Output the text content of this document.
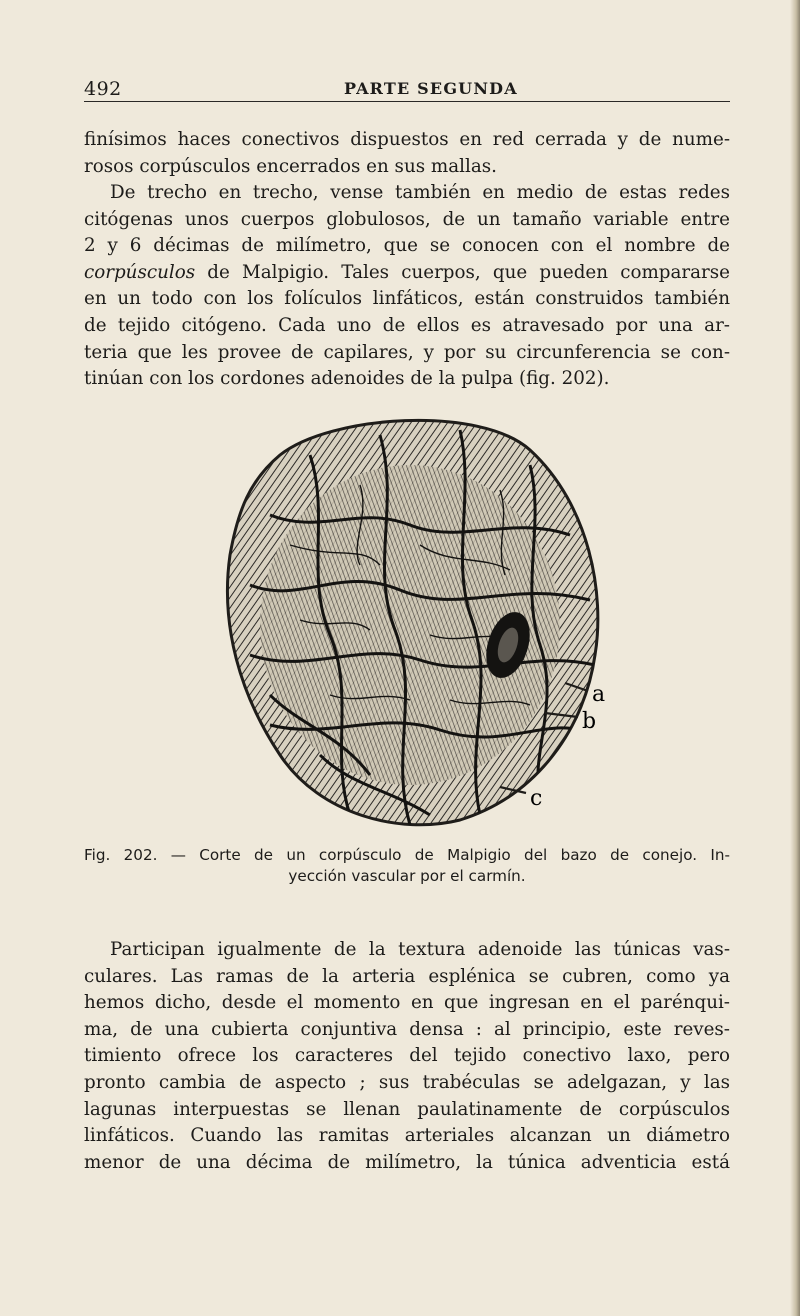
492	PARTE SEGUNDA
finísimos haces conectivos dispuestos en red cerrada y de nume-
rosos corpúsculos encerrados en sus mallas.
De trecho en trecho, vense también en medio de estas redes
citógenas unos cuerpos globulosos, de un tamaño variable entre
2 y 6 décimas de milímetro, que se conocen con el nombre de
corpúsculos de Malpigio. Tales cuerpos, que pueden compararse
en un todo con los folículos linfáticos, están construidos también
de tejido citógeno. Cada uno de ellos es atravesado por una ar-
teria que les provee de capilares, y por su circunferencia se con-
tinúan con los cordones adenoides de la pulpa (fig. 202).
a
b
c
Fig. 202. — Corte de un corpúsculo de Malpigio del bazo de conejo. In-
yección vascular por el carmín.
Participan igualmente de la textura adenoide las túnicas vas-
culares. Las ramas de la arteria esplénica se cubren, como ya
hemos dicho, desde el momento en que ingresan en el parénqui-
ma, de una cubierta conjuntiva densa : al principio, este reves-
timiento ofrece los caracteres del tejido conectivo laxo, pero
pronto cambia de aspecto ; sus trabéculas se adelgazan, y las
lagunas interpuestas se llenan paulatinamente de corpúsculos
linfáticos. Cuando las ramitas arteriales alcanzan un diámetro
menor de una décima de milímetro, la túnica adventicia está
